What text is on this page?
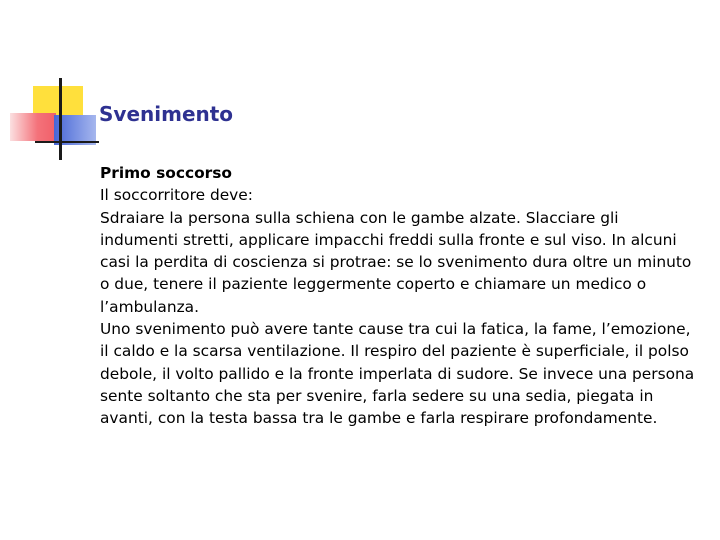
Svenimento

Primo soccorso

Il soccorritore deve:

Sdraiare la persona sulla schiena con le gambe alzate. Slacciare gli indumenti stretti, applicare impacchi freddi sulla fronte e sul viso. In alcuni casi la perdita di coscienza si protrae: se lo svenimento dura oltre un minuto o due, tenere il paziente leggermente coperto e chiamare un medico o l’ambulanza.

Uno svenimento può avere tante cause tra cui la fatica, la fame, l’emozione, il caldo e la scarsa ventilazione. Il respiro del paziente è superficiale, il polso debole, il volto pallido e la fronte imperlata di sudore. Se invece una persona sente soltanto che sta per svenire, farla sedere su una sedia, piegata in avanti, con la testa bassa tra le gambe e farla respirare profondamente.
